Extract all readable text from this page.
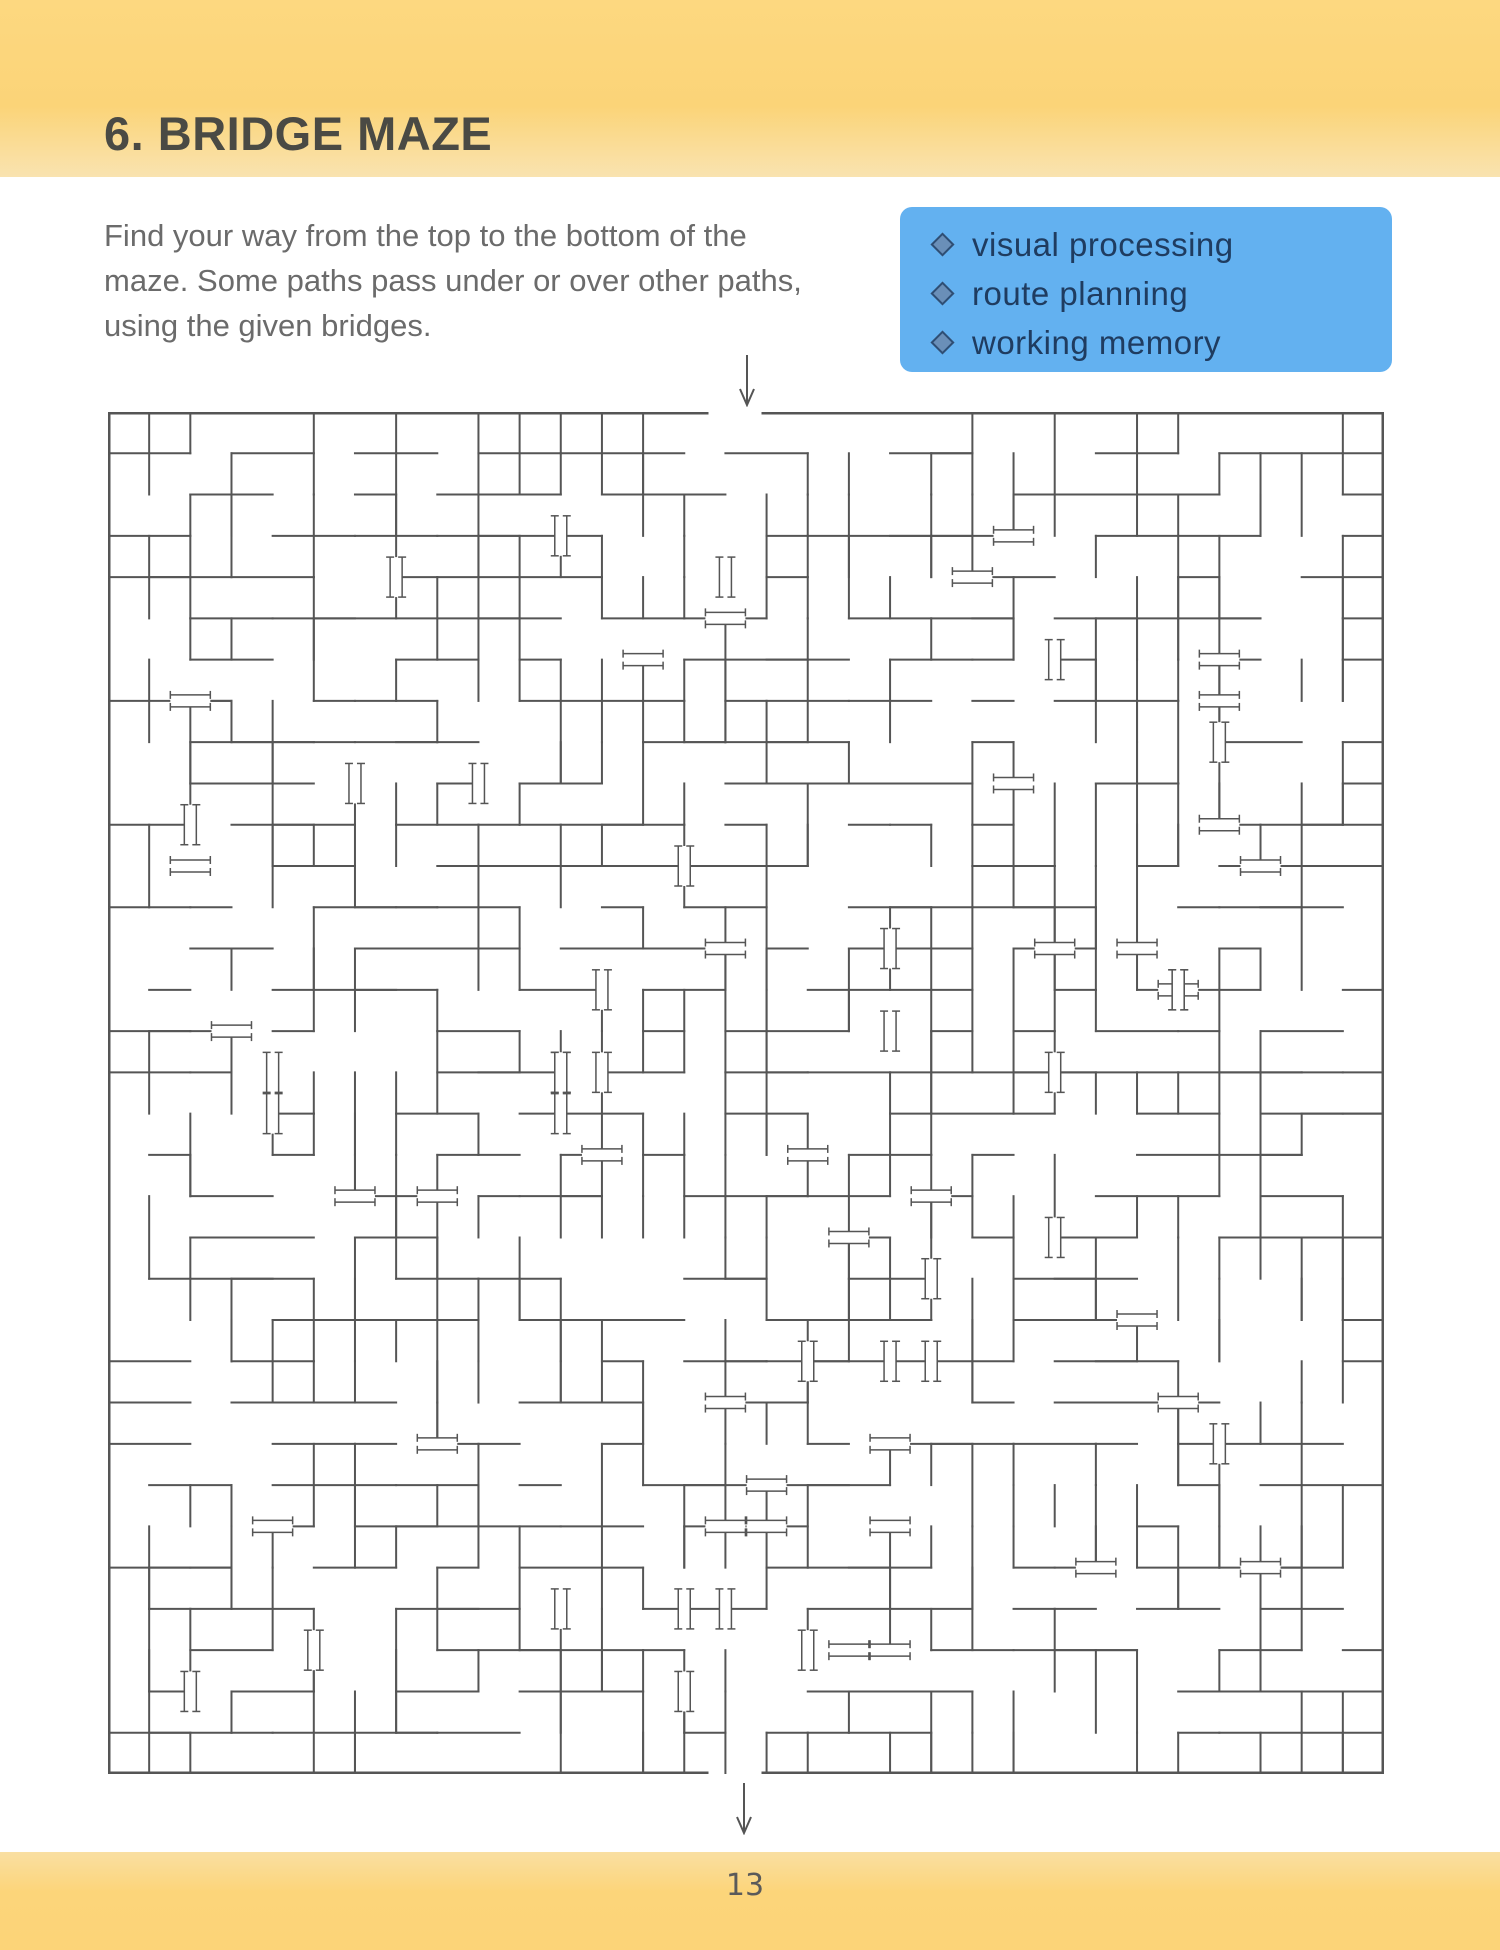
6. BRIDGE MAZE

Find your way from the top to the bottom of the maze. Some paths pass under or over other paths, using the given bridges.

visual processing
route planning
working memory
13
